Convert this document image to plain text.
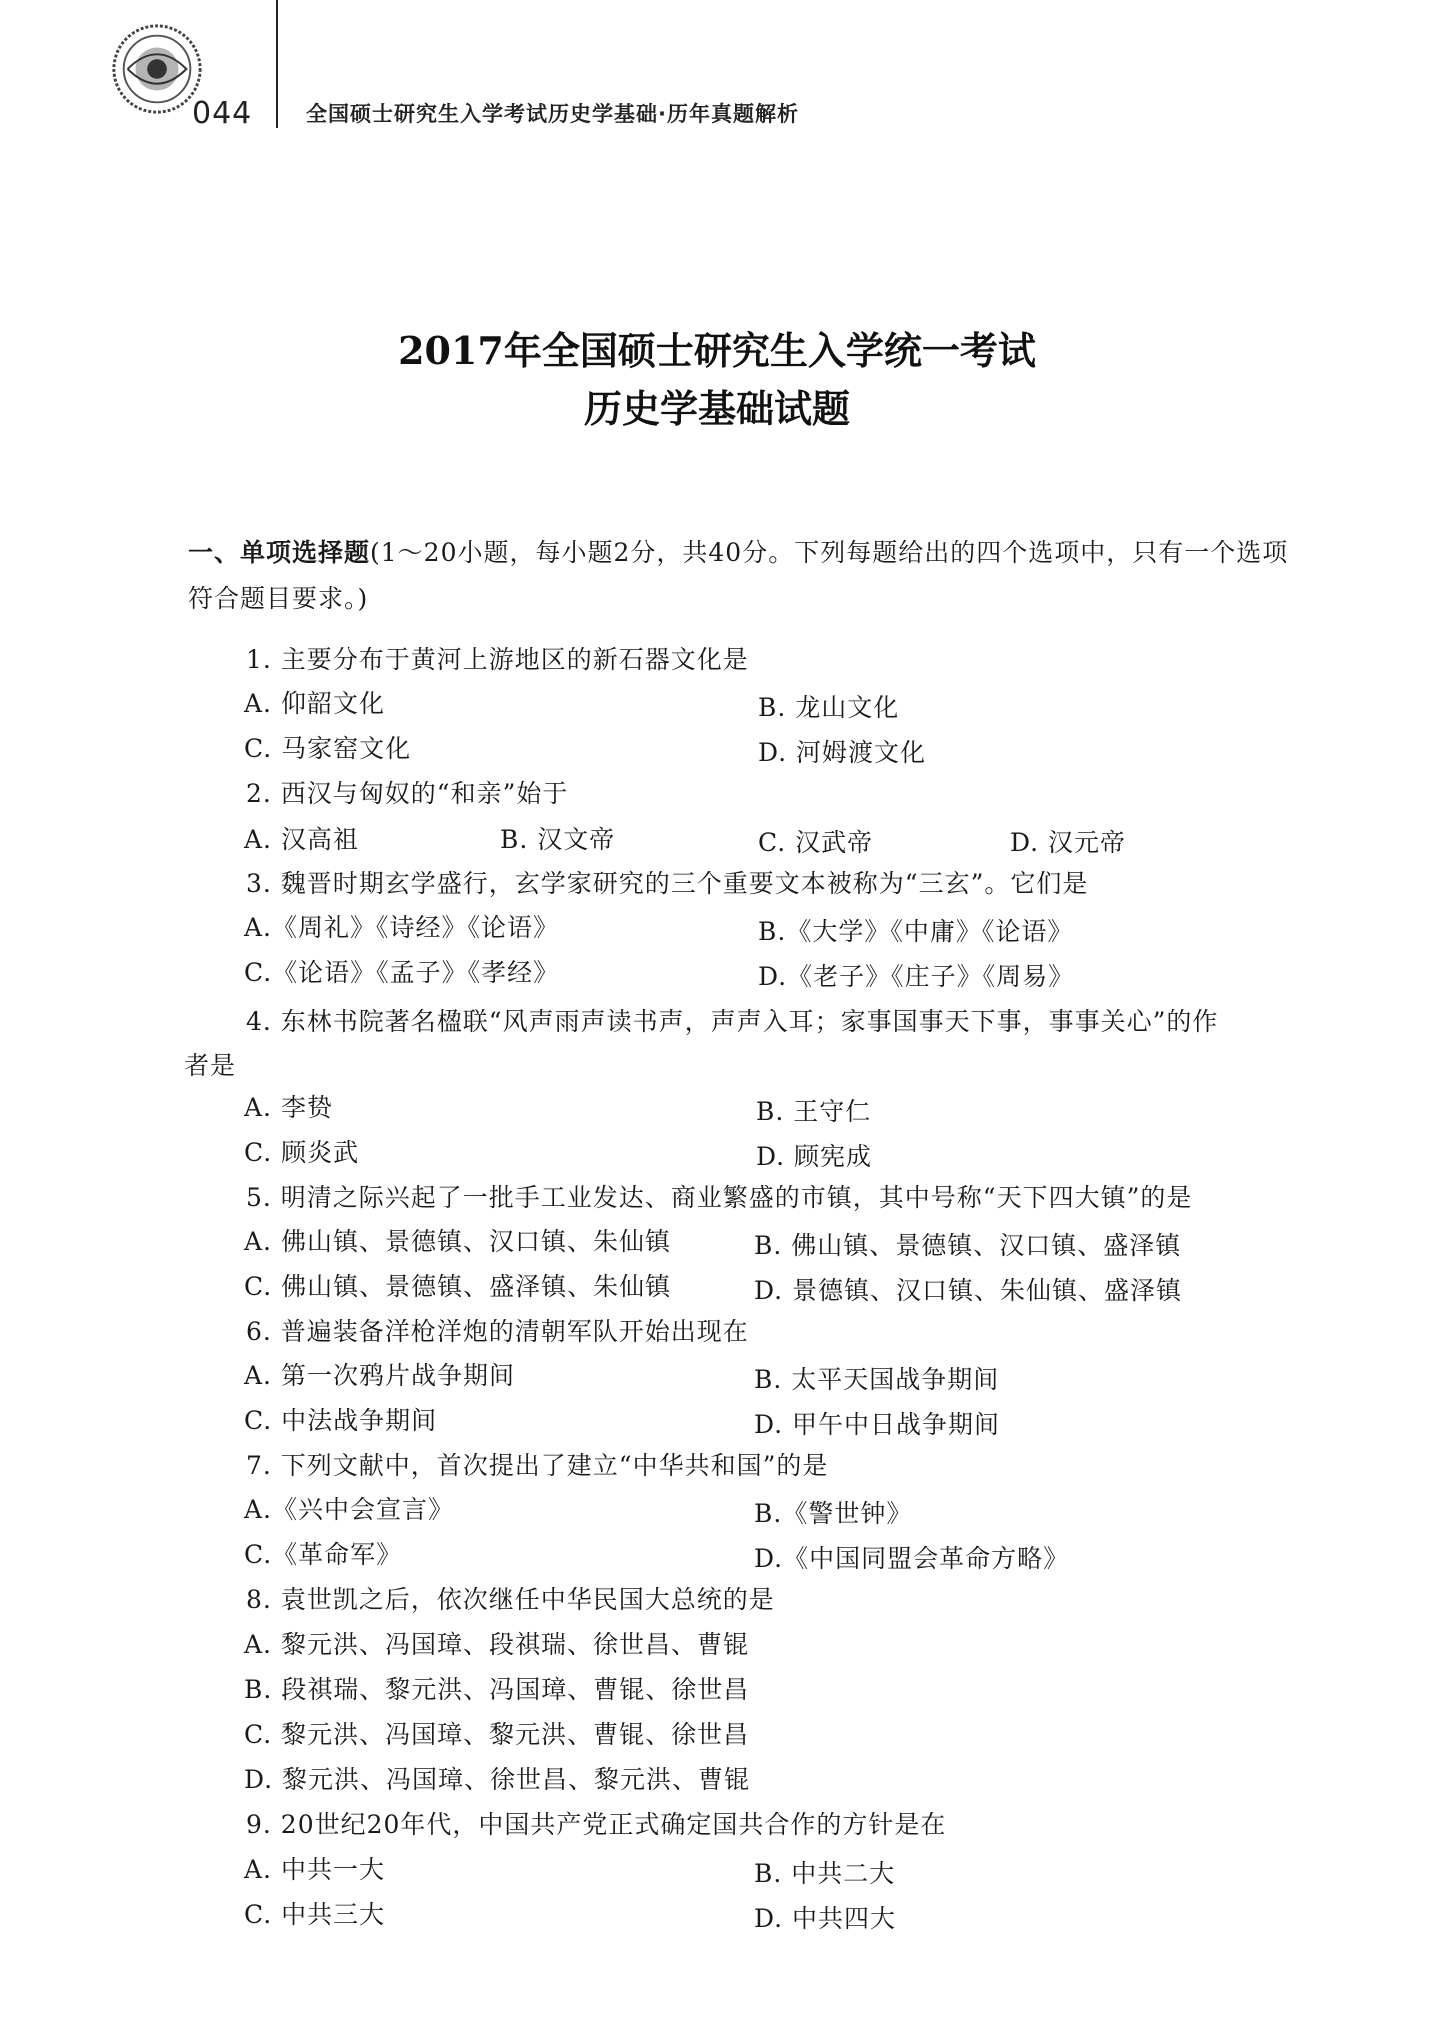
044	全国硕士研究生入学考试历史学基础·历年真题解析
2017年全国硕士研究生入学统一考试
历史学基础试题
一、单项选择题(1～20小题，每小题2分，共40分。下列每题给出的四个选项中，只有一个选项符合题目要求。)
1. 主要分布于黄河上游地区的新石器文化是
A. 仰韶文化	B. 龙山文化
C. 马家窑文化	D. 河姆渡文化
2. 西汉与匈奴的“和亲”始于
A. 汉高祖	B. 汉文帝	C. 汉武帝	D. 汉元帝
3. 魏晋时期玄学盛行，玄学家研究的三个重要文本被称为“三玄”。它们是
A.《周礼》《诗经》《论语》	B.《大学》《中庸》《论语》
C.《论语》《孟子》《孝经》	D.《老子》《庄子》《周易》
4. 东林书院著名楹联“风声雨声读书声，声声入耳；家事国事天下事，事事关心”的作
者是
A. 李贽	B. 王守仁
C. 顾炎武	D. 顾宪成
5. 明清之际兴起了一批手工业发达、商业繁盛的市镇，其中号称“天下四大镇”的是
A. 佛山镇、景德镇、汉口镇、朱仙镇	B. 佛山镇、景德镇、汉口镇、盛泽镇
C. 佛山镇、景德镇、盛泽镇、朱仙镇	D. 景德镇、汉口镇、朱仙镇、盛泽镇
6. 普遍装备洋枪洋炮的清朝军队开始出现在
A. 第一次鸦片战争期间	B. 太平天国战争期间
C. 中法战争期间	D. 甲午中日战争期间
7. 下列文献中，首次提出了建立“中华共和国”的是
A.《兴中会宣言》	B.《警世钟》
C.《革命军》	D.《中国同盟会革命方略》
8. 袁世凯之后，依次继任中华民国大总统的是
A. 黎元洪、冯国璋、段祺瑞、徐世昌、曹锟
B. 段祺瑞、黎元洪、冯国璋、曹锟、徐世昌
C. 黎元洪、冯国璋、黎元洪、曹锟、徐世昌
D. 黎元洪、冯国璋、徐世昌、黎元洪、曹锟
9. 20世纪20年代，中国共产党正式确定国共合作的方针是在
A. 中共一大	B. 中共二大
C. 中共三大	D. 中共四大
